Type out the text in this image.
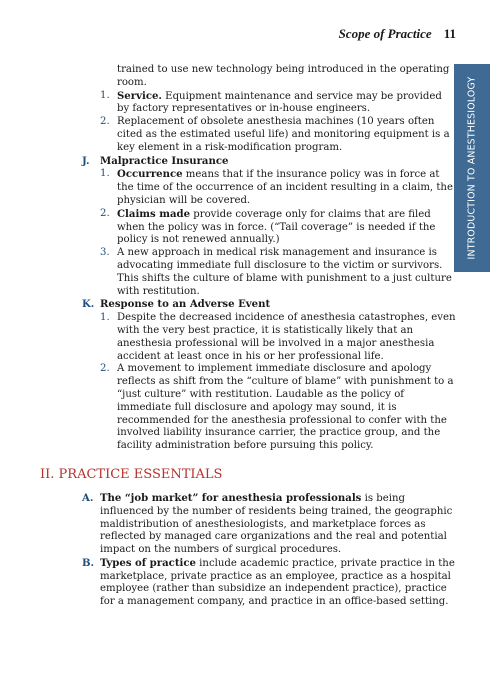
Scope of Practice 11
INTRODUCTION TO ANESTHESIOLOGY

trained to use new technology being introduced in the operating room.

1. Service. Equipment maintenance and service may be provided by factory representatives or in-house engineers.
2. Replacement of obsolete anesthesia machines (10 years often cited as the estimated useful life) and monitoring equipment is a key element in a risk-modification program.
J. Malpractice Insurance
1. Occurrence means that if the insurance policy was in force at the time of the occurrence of an incident resulting in a claim, the physician will be covered.
2. Claims made provide coverage only for claims that are filed when the policy was in force. (“Tail coverage” is needed if the policy is not renewed annually.)
3. A new approach in medical risk management and insurance is advocating immediate full disclosure to the victim or survivors. This shifts the culture of blame with punishment to a just culture with restitution.
K. Response to an Adverse Event
1. Despite the decreased incidence of anesthesia catastrophes, even with the very best practice, it is statistically likely that an anesthesia professional will be involved in a major anesthesia accident at least once in his or her professional life.
2. A movement to implement immediate disclosure and apology reflects as shift from the “culture of blame” with punishment to a “just culture” with restitution. Laudable as the policy of immediate full disclosure and apology may sound, it is recommended for the anesthesia professional to confer with the involved liability insurance carrier, the practice group, and the facility administration before pursuing this policy.
II. PRACTICE ESSENTIALS
A. The “job market” for anesthesia professionals is being influenced by the number of residents being trained, the geographic maldistribution of anesthesiologists, and marketplace forces as reflected by managed care organizations and the real and potential impact on the numbers of surgical procedures.
B. Types of practice include academic practice, private practice in the marketplace, private practice as an employee, practice as a hospital employee (rather than subsidize an independent practice), practice for a management company, and practice in an office-based setting.
